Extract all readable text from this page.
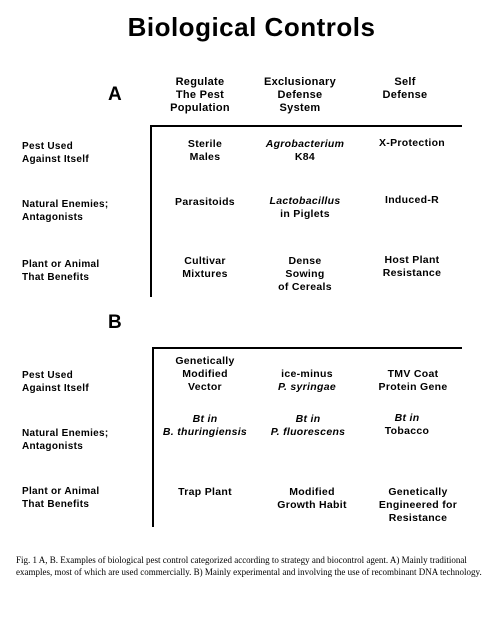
Biological Controls
Regulate
The Pest
Population
Exclusionary
Defense
System
Self
Defense
A
Pest Used
Against Itself
Natural Enemies;
Antagonists
Plant or Animal
That Benefits
Sterile
Males
Agrobacterium
K84
X-Protection
Parasitoids	Lactobacillus
in Piglets
Induced-R
Cultivar
Mixtures
Dense
Sowing
of Cereals
Host Plant
Resistance
B
Pest Used
Against Itself
Natural Enemies;
Antagonists
Plant or Animal
That Benefits
Genetically
Modified
Vector
ice-minus
P. syringae
TMV Coat
Protein Gene
Bt in
B. thuringiensis
Bt in
P. fluorescens
Bt in
Tobacco
Trap Plant	Modified
Growth Habit
Genetically
Engineered for
Resistance
Fig. 1 A, B. Examples of biological pest control categorized according to strategy and biocontrol agent. A) Mainly traditional examples, most of which are used commercially. B) Mainly experimental and involving the use of recombinant DNA technology.
